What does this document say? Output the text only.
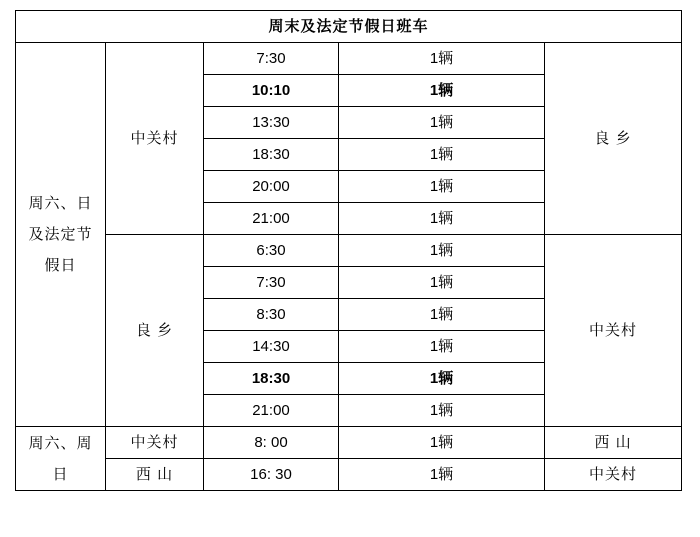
周末及法定节假日班车				

周六、日
及法定节
假日	中关村	7:30	1辆	良 乡
		10:10	1辆	
		13:30	1辆	
		18:30	1辆	
		20:00	1辆	
		21:00	1辆	
	良 乡	6:30	1辆	中关村
		7:30	1辆	
		8:30	1辆	
		14:30	1辆	
		18:30	1辆	
		21:00	1辆	

周六、周
日	中关村	8: 00	1辆	西 山
	西 山	16: 30	1辆	中关村
